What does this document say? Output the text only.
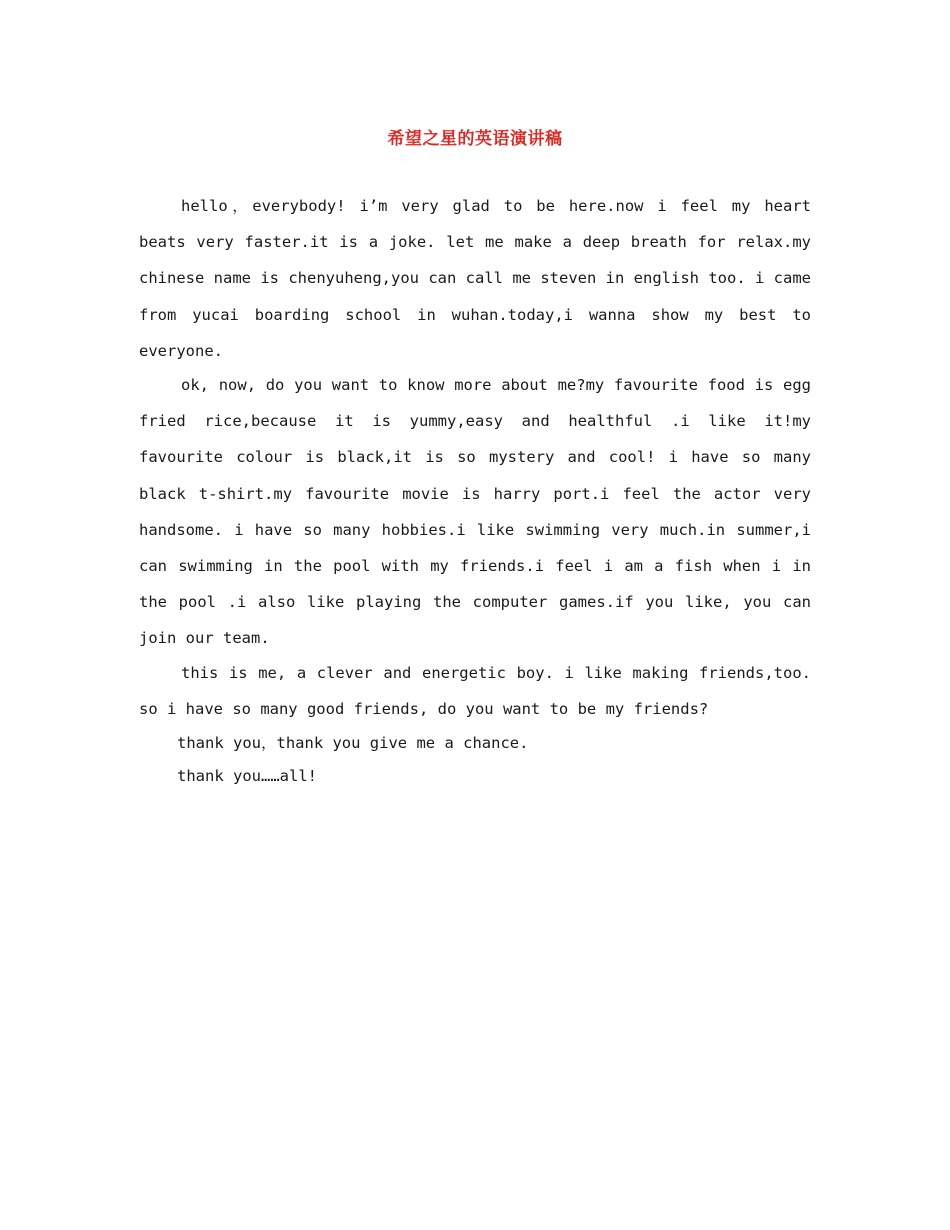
希望之星的英语演讲稿

hello，everybody! i’m very glad to be here.now i feel my heart beats very faster.it is a joke. let me make a deep breath for relax.my chinese name is chenyuheng,you can call me steven in english too. i came from yucai boarding school in wuhan.today,i wanna show my best to everyone.

ok, now, do you want to know more about me?my favourite food is egg fried rice,because it is yummy,easy and healthful .i like it!my favourite colour is black,it is so mystery and cool! i have so many black t-shirt.my favourite movie is harry port.i feel the actor very handsome. i have so many hobbies.i like swimming very much.in summer,i can swimming in the pool with my friends.i feel i am a fish when i in the pool .i also like playing the computer games.if you like, you can join our team.

this is me, a clever and energetic boy. i like making friends,too. so i have so many good friends, do you want to be my friends?

thank you，thank you give me a chance.

thank you……all!
